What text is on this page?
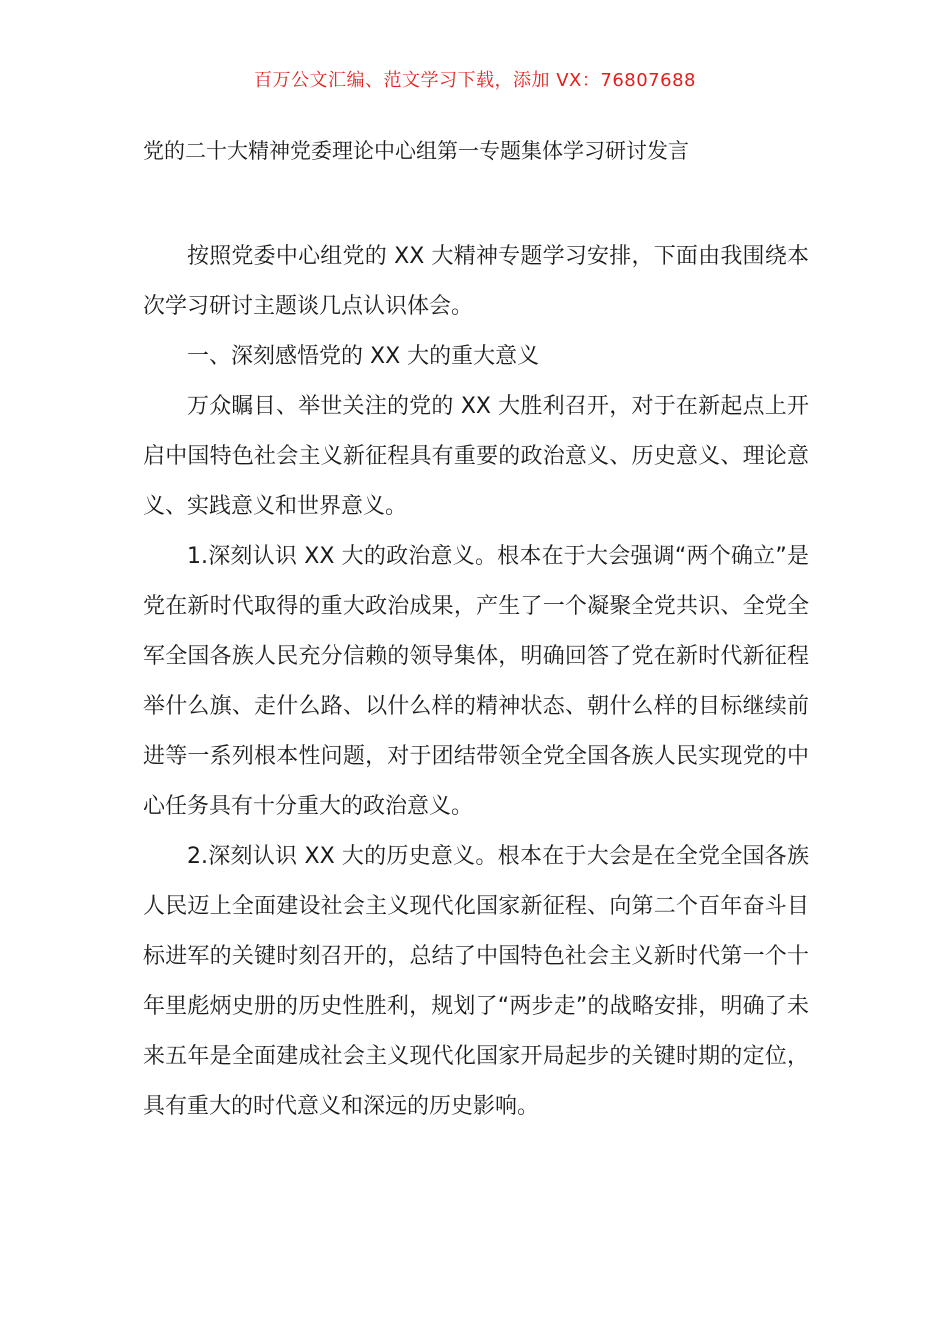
百万公文汇编、范文学习下载，添加 VX：76807688
党的二十大精神党委理论中心组第一专题集体学习研讨发言

按照党委中心组党的 XX 大精神专题学习安排，下面由我围绕本次学习研讨主题谈几点认识体会。

一、深刻感悟党的 XX 大的重大意义

万众瞩目、举世关注的党的 XX 大胜利召开，对于在新起点上开启中国特色社会主义新征程具有重要的政治意义、历史意义、理论意义、实践意义和世界意义。

1.深刻认识 XX 大的政治意义。根本在于大会强调“两个确立”是党在新时代取得的重大政治成果，产生了一个凝聚全党共识、全党全军全国各族人民充分信赖的领导集体，明确回答了党在新时代新征程举什么旗、走什么路、以什么样的精神状态、朝什么样的目标继续前进等一系列根本性问题，对于团结带领全党全国各族人民实现党的中心任务具有十分重大的政治意义。

2.深刻认识 XX 大的历史意义。根本在于大会是在全党全国各族人民迈上全面建设社会主义现代化国家新征程、向第二个百年奋斗目标进军的关键时刻召开的，总结了中国特色社会主义新时代第一个十年里彪炳史册的历史性胜利，规划了“两步走”的战略安排，明确了未来五年是全面建成社会主义现代化国家开局起步的关键时期的定位，具有重大的时代意义和深远的历史影响。
